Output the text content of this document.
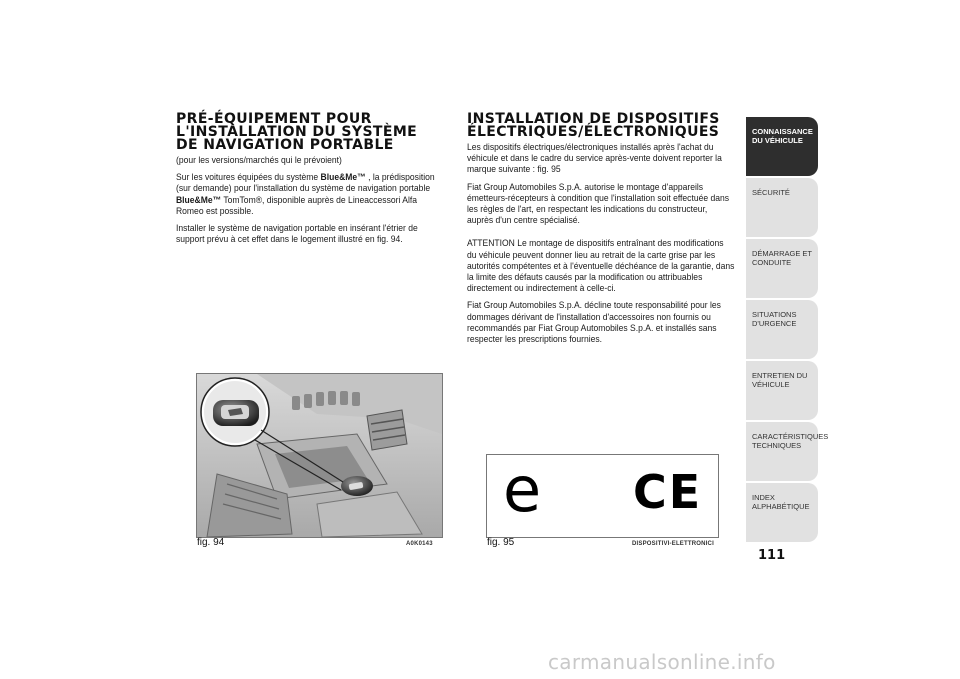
PRÉ-ÉQUIPEMENT POUR L'INSTALLATION DU SYSTÈME DE NAVIGATION PORTABLE

(pour les versions/marchés qui le prévoient)

Sur les voitures équipées du système Blue&Me™ , la prédisposition (sur demande) pour l'installation du système de navigation portable Blue&Me™ TomTom®, disponible auprès de Lineaccessori Alfa Romeo est possible.

Installer le système de navigation portable en insérant l'étrier de support prévu à cet effet dans le logement illustré en fig. 94.

INSTALLATION DE DISPOSITIFS ÉLECTRIQUES/ÉLECTRONIQUES

Les dispositifs électriques/électroniques installés après l'achat du véhicule et dans le cadre du service après-vente doivent reporter la marque suivante : fig. 95

Fiat Group Automobiles S.p.A. autorise le montage d'appareils émetteurs-récepteurs à condition que l'installation soit effectuée dans les règles de l'art, en respectant les indications du constructeur, auprès d'un centre spécialisé.

ATTENTION Le montage de dispositifs entraînant des modifications du véhicule peuvent donner lieu au retrait de la carte grise par les autorités compétentes et à l'éventuelle déchéance de la garantie, dans la limite des défauts causés par la modification ou attribuables directement ou indirectement à celle-ci.

Fiat Group Automobiles S.p.A. décline toute responsabilité pour les dommages dérivant de l'installation d'accessoires non fournis ou recommandés par Fiat Group Automobiles S.p.A. et installés sans respecter les prescriptions fournies.

fig. 94	A0K0143
e CE
fig. 95	DISPOSITIVI-ELETTRONICI
CONNAISSANCE
DU VÉHICULE
SÉCURITÉ
DÉMARRAGE ET
CONDUITE
SITUATIONS
D'URGENCE
ENTRETIEN DU
VÉHICULE
CARACTÉRISTIQUES
TECHNIQUES
INDEX
ALPHABÉTIQUE
111
carmanualsonline.info
